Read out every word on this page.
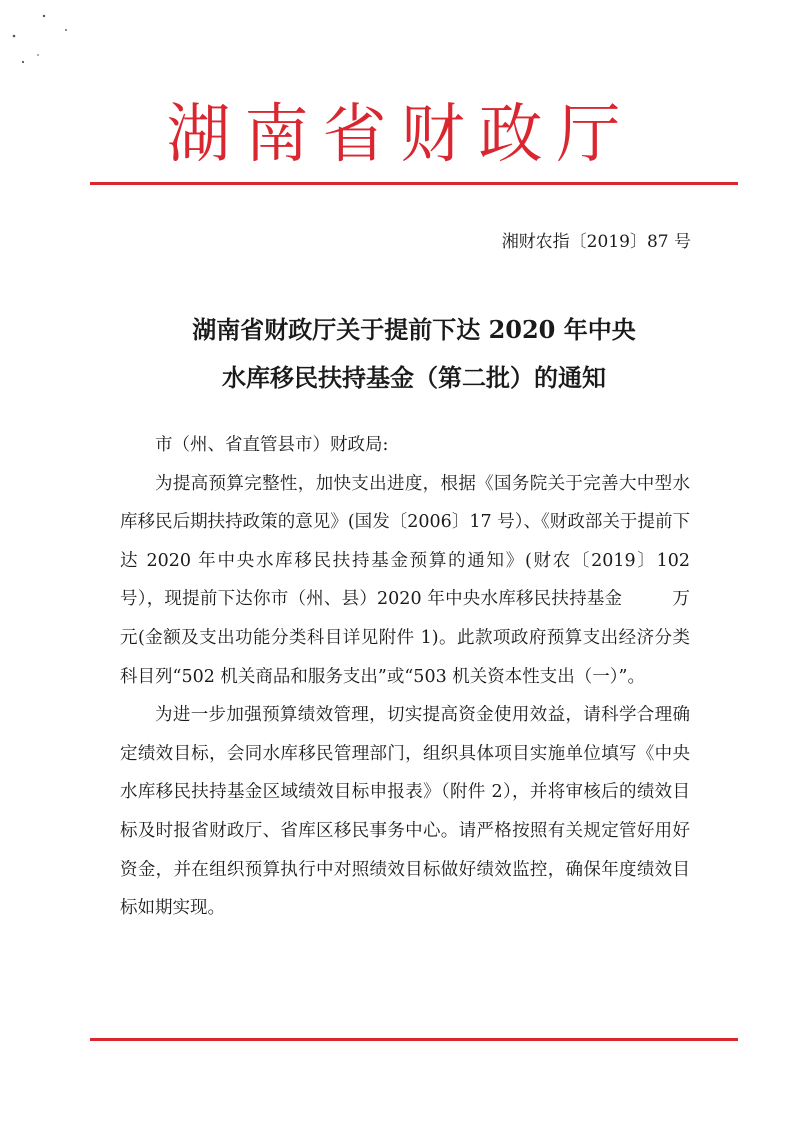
湖南省财政厅
湘财农指〔2019〕87 号
湖南省财政厅关于提前下达 2020 年中央
水库移民扶持基金（第二批）的通知

市（州、省直管县市）财政局:

为提高预算完整性，加快支出进度，根据《国务院关于完善大中型水库移民后期扶持政策的意见》(国发〔2006〕17 号）、《财政部关于提前下达 2020 年中央水库移民扶持基金预算的通知》(财农〔2019〕102 号），现提前下达你市（州、县）2020 年中央水库移民扶持基金	万元(金额及支出功能分类科目详见附件 1)。此款项政府预算支出经济分类科目列“502 机关商品和服务支出”或“503 机关资本性支出（一）”。

为进一步加强预算绩效管理，切实提高资金使用效益，请科学合理确定绩效目标，会同水库移民管理部门，组织具体项目实施单位填写《中央水库移民扶持基金区域绩效目标申报表》（附件 2），并将审核后的绩效目标及时报省财政厅、省库区移民事务中心。请严格按照有关规定管好用好资金，并在组织预算执行中对照绩效目标做好绩效监控，确保年度绩效目标如期实现。
